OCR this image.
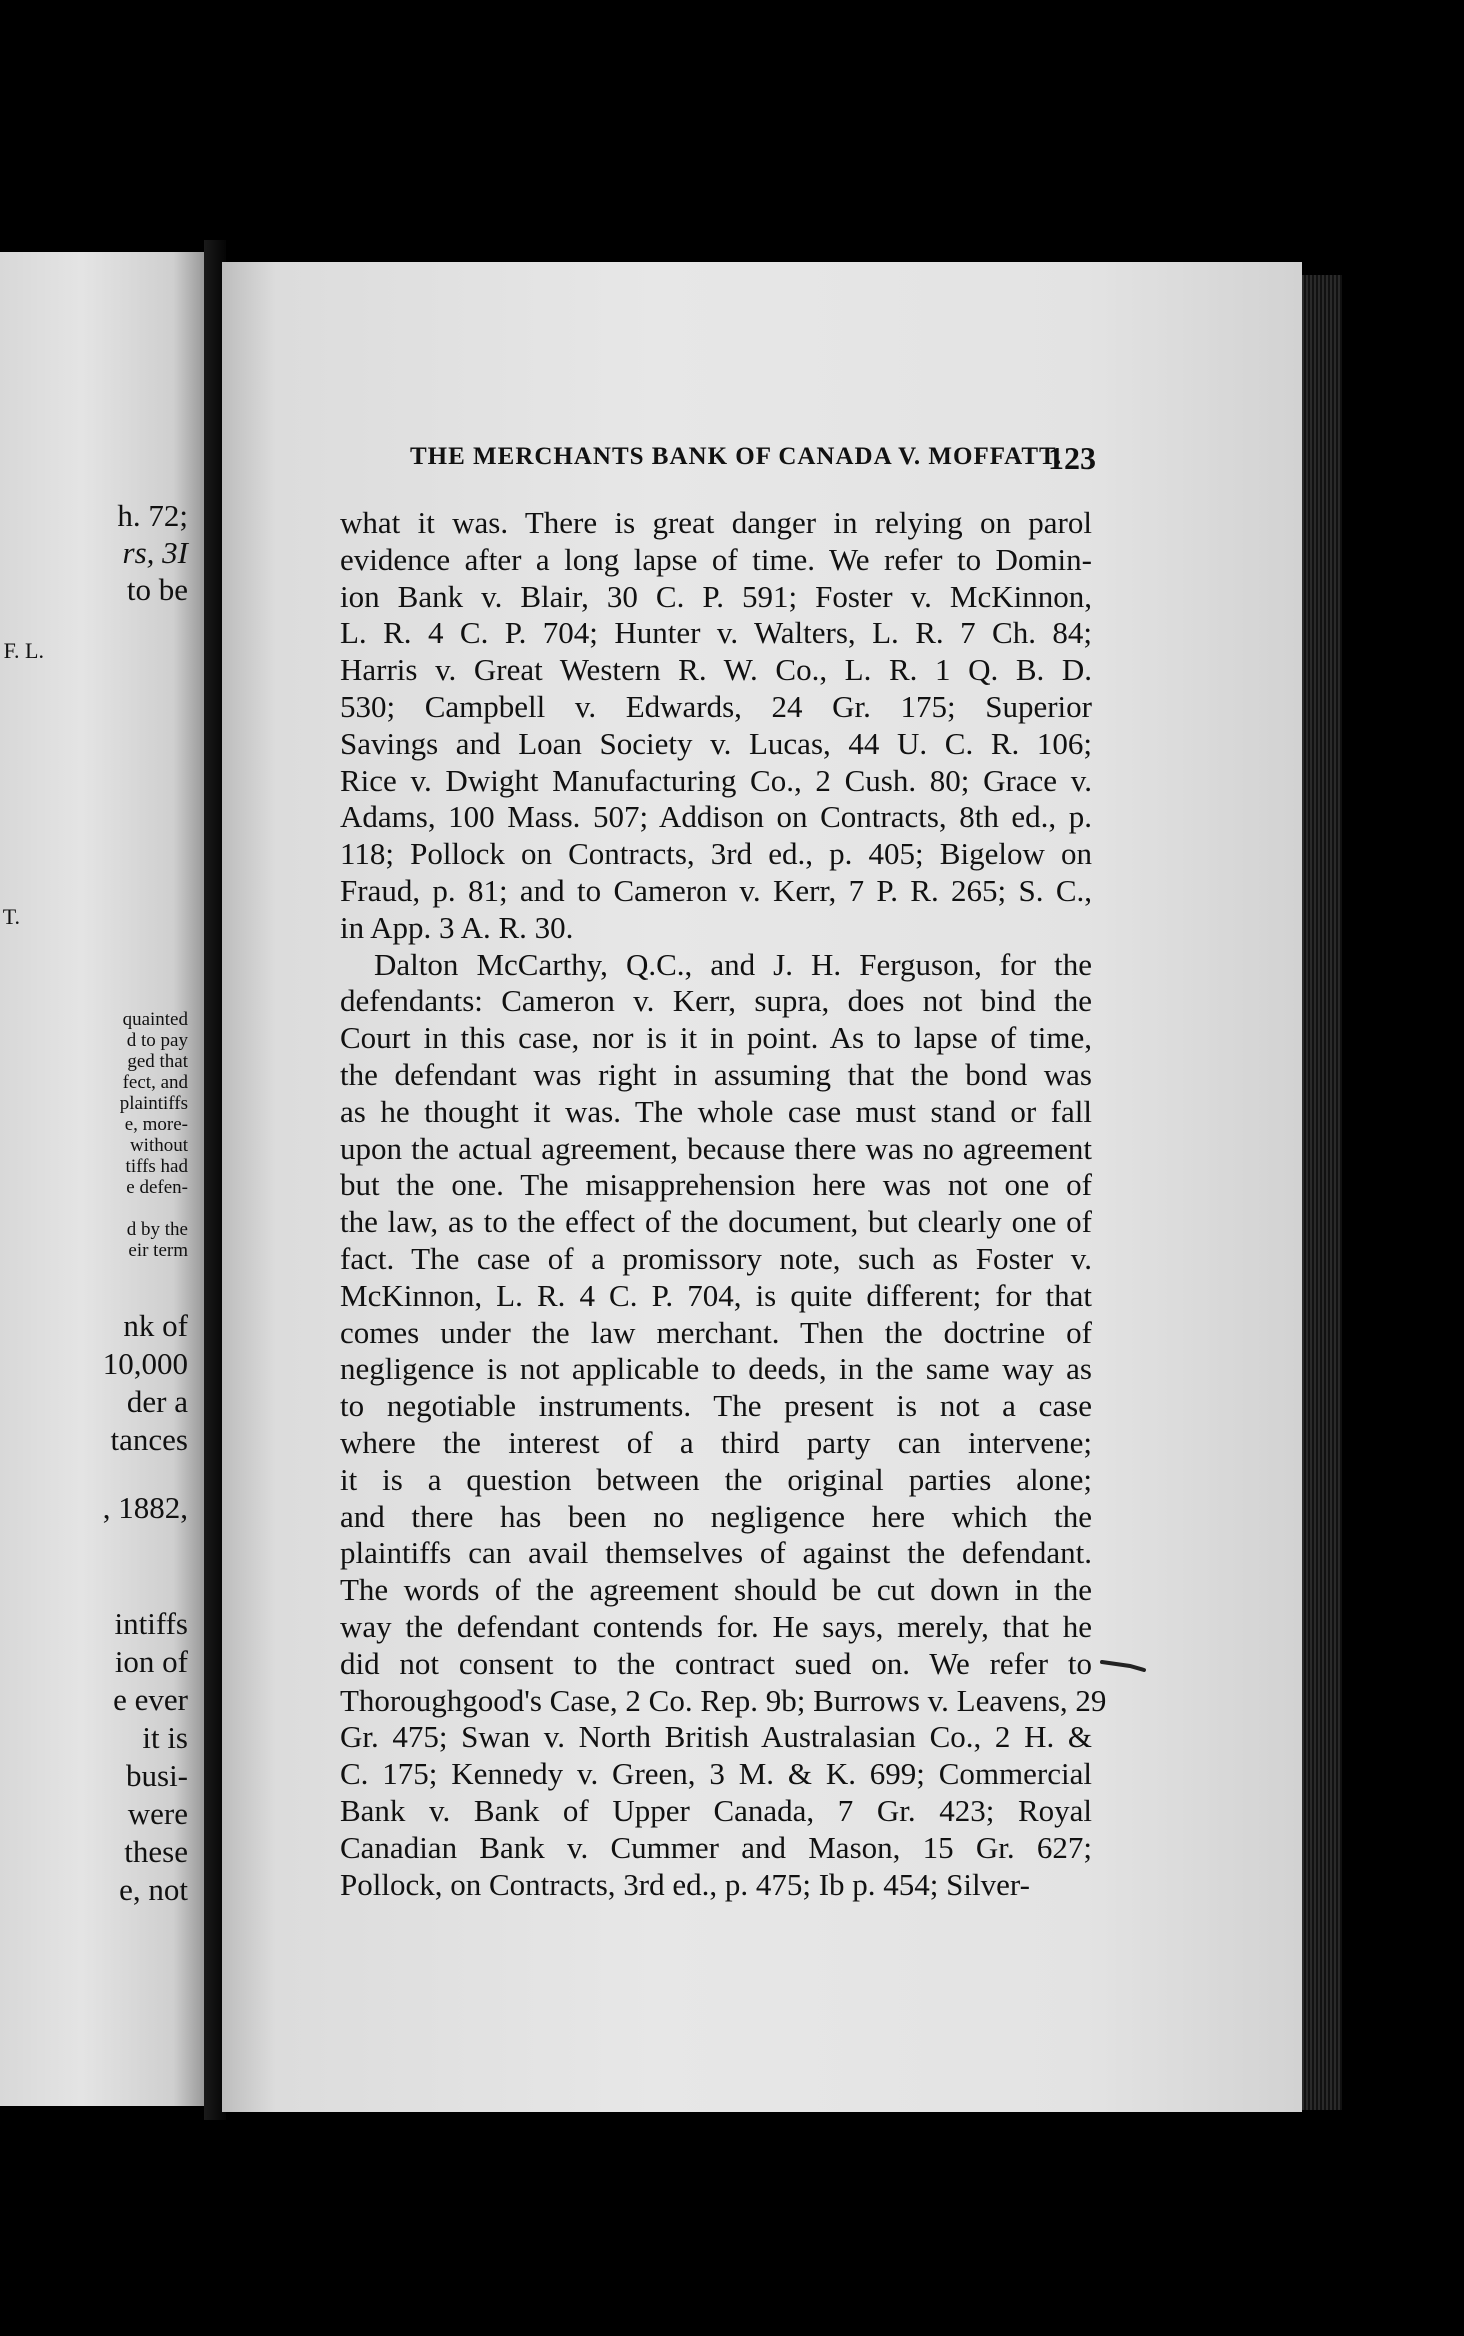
h. 72;
rs, 3I
to be
F. L.
T.
quainted
d to pay
ged that
fect, and
plaintiffs
e, more-
without
tiffs had
e defen-
d by the
eir term
nk of
10,000
der a
tances
, 1882,
intiffs
ion of
e ever
it is
busi-
were
these
e, not
THE MERCHANTS BANK OF CANADA V. MOFFATT.
123
what it was. There is great danger in relying on parol
evidence after a long lapse of time. We refer to Domin-
ion Bank v. Blair, 30 C. P. 591; Foster v. McKinnon,
L. R. 4 C. P. 704; Hunter v. Walters, L. R. 7 Ch. 84;
Harris v. Great Western R. W. Co., L. R. 1 Q. B. D.
530; Campbell v. Edwards, 24 Gr. 175; Superior
Savings and Loan Society v. Lucas, 44 U. C. R. 106;
Rice v. Dwight Manufacturing Co., 2 Cush. 80; Grace v.
Adams, 100 Mass. 507; Addison on Contracts, 8th ed., p.
118; Pollock on Contracts, 3rd ed., p. 405; Bigelow on
Fraud, p. 81; and to Cameron v. Kerr, 7 P. R. 265; S. C.,
in App. 3 A. R. 30.
Dalton McCarthy, Q.C., and J. H. Ferguson, for the
defendants: Cameron v. Kerr, supra, does not bind the
Court in this case, nor is it in point. As to lapse of time,
the defendant was right in assuming that the bond was
as he thought it was. The whole case must stand or fall
upon the actual agreement, because there was no agreement
but the one. The misapprehension here was not one of
the law, as to the effect of the document, but clearly one of
fact. The case of a promissory note, such as Foster v.
McKinnon, L. R. 4 C. P. 704, is quite different; for that
comes under the law merchant. Then the doctrine of
negligence is not applicable to deeds, in the same way as
to negotiable instruments. The present is not a case
where the interest of a third party can intervene;
it is a question between the original parties alone;
and there has been no negligence here which the
plaintiffs can avail themselves of against the defendant.
The words of the agreement should be cut down in the
way the defendant contends for. He says, merely, that he
did not consent to the contract sued on. We refer to
Thoroughgood's Case, 2 Co. Rep. 9b; Burrows v. Leavens, 29
Gr. 475; Swan v. North British Australasian Co., 2 H. &
C. 175; Kennedy v. Green, 3 M. & K. 699; Commercial
Bank v. Bank of Upper Canada, 7 Gr. 423; Royal
Canadian Bank v. Cummer and Mason, 15 Gr. 627;
Pollock, on Contracts, 3rd ed., p. 475; Ib p. 454; Silver-
